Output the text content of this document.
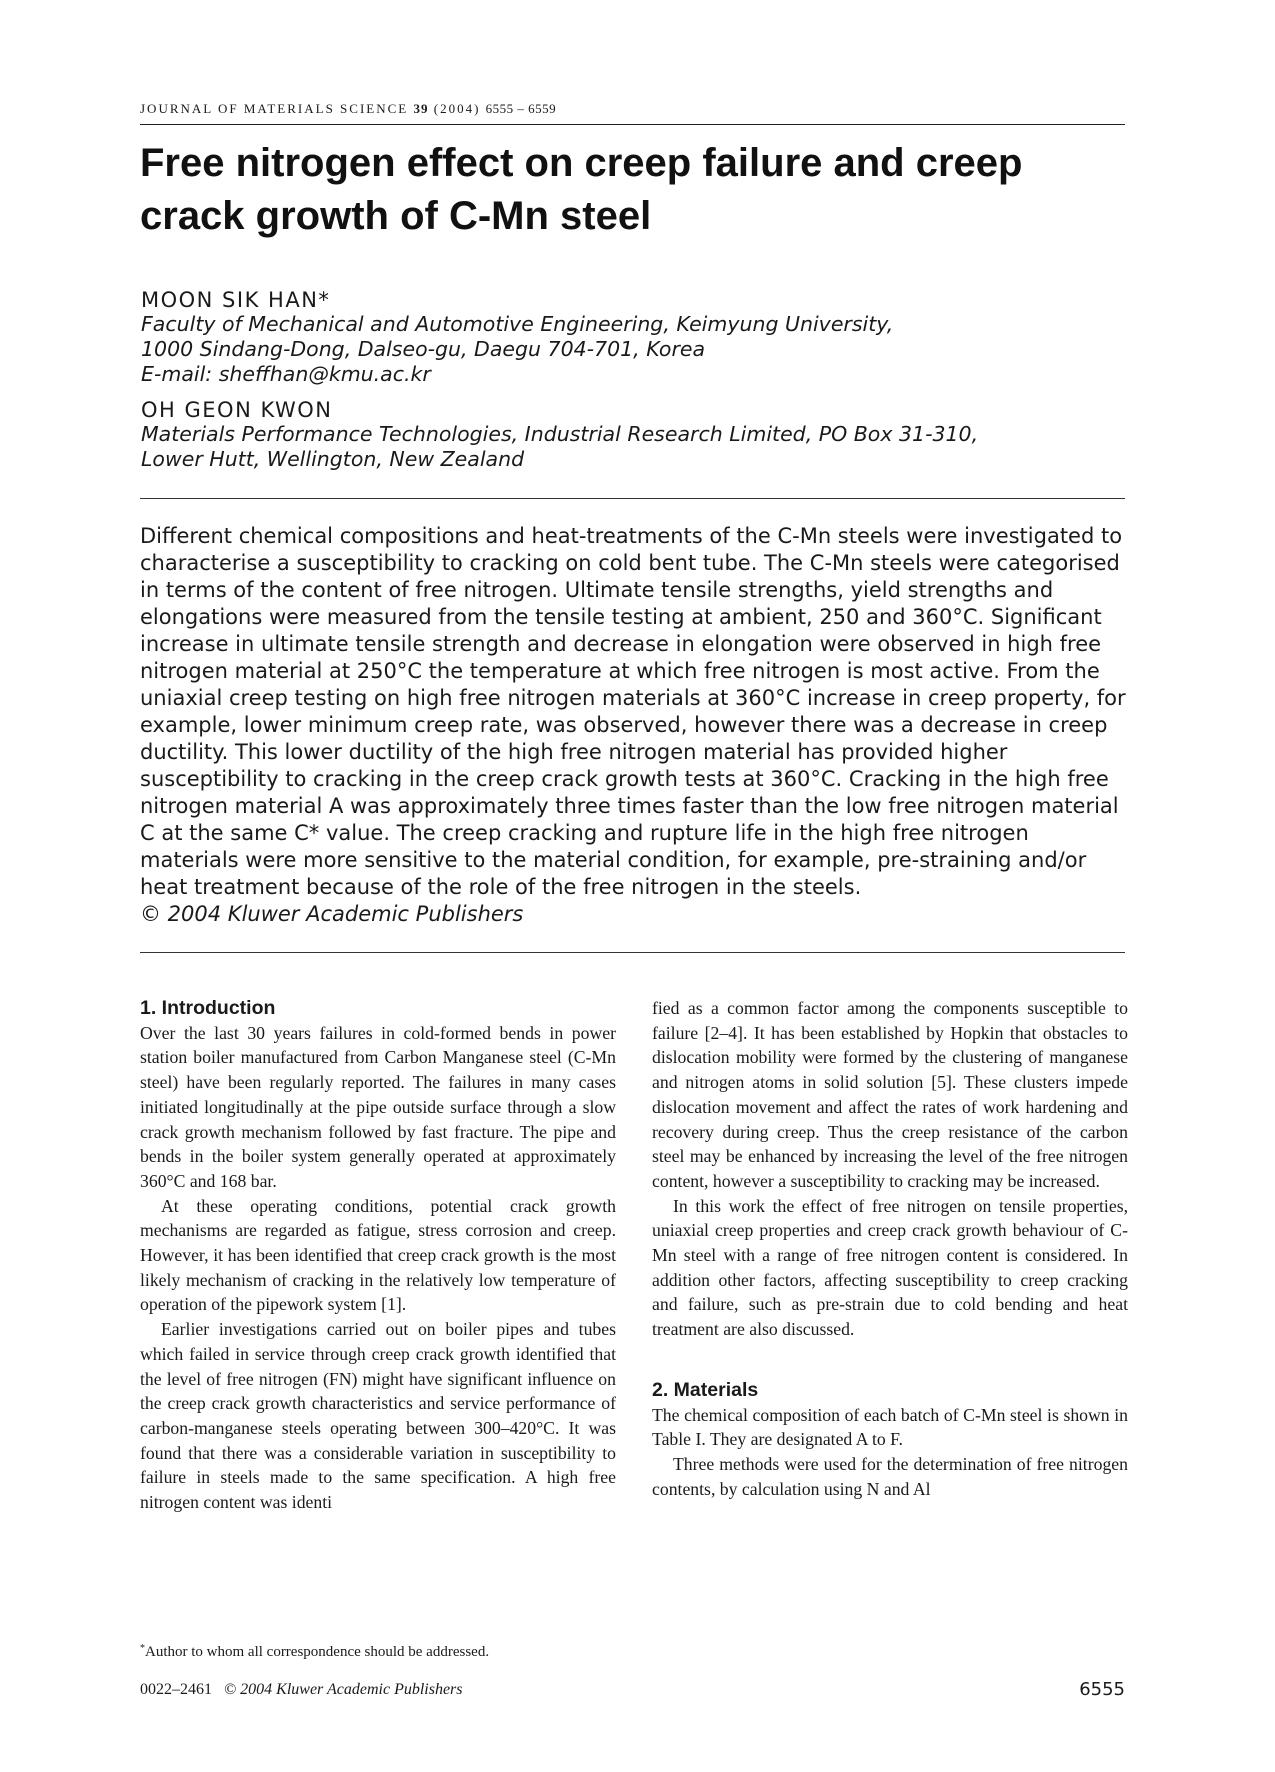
JOURNAL OF MATERIALS SCIENCE 39 (2004) 6555 – 6559
Free nitrogen effect on creep failure and creep crack growth of C-Mn steel
MOON SIK HAN*
Faculty of Mechanical and Automotive Engineering, Keimyung University,
1000 Sindang-Dong, Dalseo-gu, Daegu 704-701, Korea
E-mail: sheffhan@kmu.ac.kr
OH GEON KWON
Materials Performance Technologies, Industrial Research Limited, PO Box 31-310,
Lower Hutt, Wellington, New Zealand

Different chemical compositions and heat-treatments of the C-Mn steels were investigated to characterise a susceptibility to cracking on cold bent tube. The C-Mn steels were categorised in terms of the content of free nitrogen. Ultimate tensile strengths, yield strengths and elongations were measured from the tensile testing at ambient, 250 and 360°C. Significant increase in ultimate tensile strength and decrease in elongation were observed in high free nitrogen material at 250°C the temperature at which free nitrogen is most active. From the uniaxial creep testing on high free nitrogen materials at 360°C increase in creep property, for example, lower minimum creep rate, was observed, however there was a decrease in creep ductility. This lower ductility of the high free nitrogen material has provided higher susceptibility to cracking in the creep crack growth tests at 360°C. Cracking in the high free nitrogen material A was approximately three times faster than the low free nitrogen material C at the same C* value. The creep cracking and rupture life in the high free nitrogen materials were more sensitive to the material condition, for example, pre-straining and/or heat treatment because of the role of the free nitrogen in the steels.
© 2004 Kluwer Academic Publishers

1. Introduction

Over the last 30 years failures in cold-formed bends in power station boiler manufactured from Carbon Manganese steel (C-Mn steel) have been regularly reported. The failures in many cases initiated longitudinally at the pipe outside surface through a slow crack growth mechanism followed by fast fracture. The pipe and bends in the boiler system generally operated at approximately 360°C and 168 bar.

At these operating conditions, potential crack growth mechanisms are regarded as fatigue, stress corrosion and creep. However, it has been identified that creep crack growth is the most likely mechanism of cracking in the relatively low temperature of operation of the pipework system [1].

Earlier investigations carried out on boiler pipes and tubes which failed in service through creep crack growth identified that the level of free nitrogen (FN) might have significant influence on the creep crack growth characteristics and service performance of carbon-manganese steels operating between 300–420°C. It was found that there was a considerable variation in susceptibility to failure in steels made to the same specification. A high free nitrogen content was identi

fied as a common factor among the components susceptible to failure [2–4]. It has been established by Hopkin that obstacles to dislocation mobility were formed by the clustering of manganese and nitrogen atoms in solid solution [5]. These clusters impede dislocation movement and affect the rates of work hardening and recovery during creep. Thus the creep resistance of the carbon steel may be enhanced by increasing the level of the free nitrogen content, however a susceptibility to cracking may be increased.

In this work the effect of free nitrogen on tensile properties, uniaxial creep properties and creep crack growth behaviour of C-Mn steel with a range of free nitrogen content is considered. In addition other factors, affecting susceptibility to creep cracking and failure, such as pre-strain due to cold bending and heat treatment are also discussed.

2. Materials

The chemical composition of each batch of C-Mn steel is shown in Table I. They are designated A to F.

Three methods were used for the determination of free nitrogen contents, by calculation using N and Al

*Author to whom all correspondence should be addressed.
0022–2461 © 2004 Kluwer Academic Publishers	6555
